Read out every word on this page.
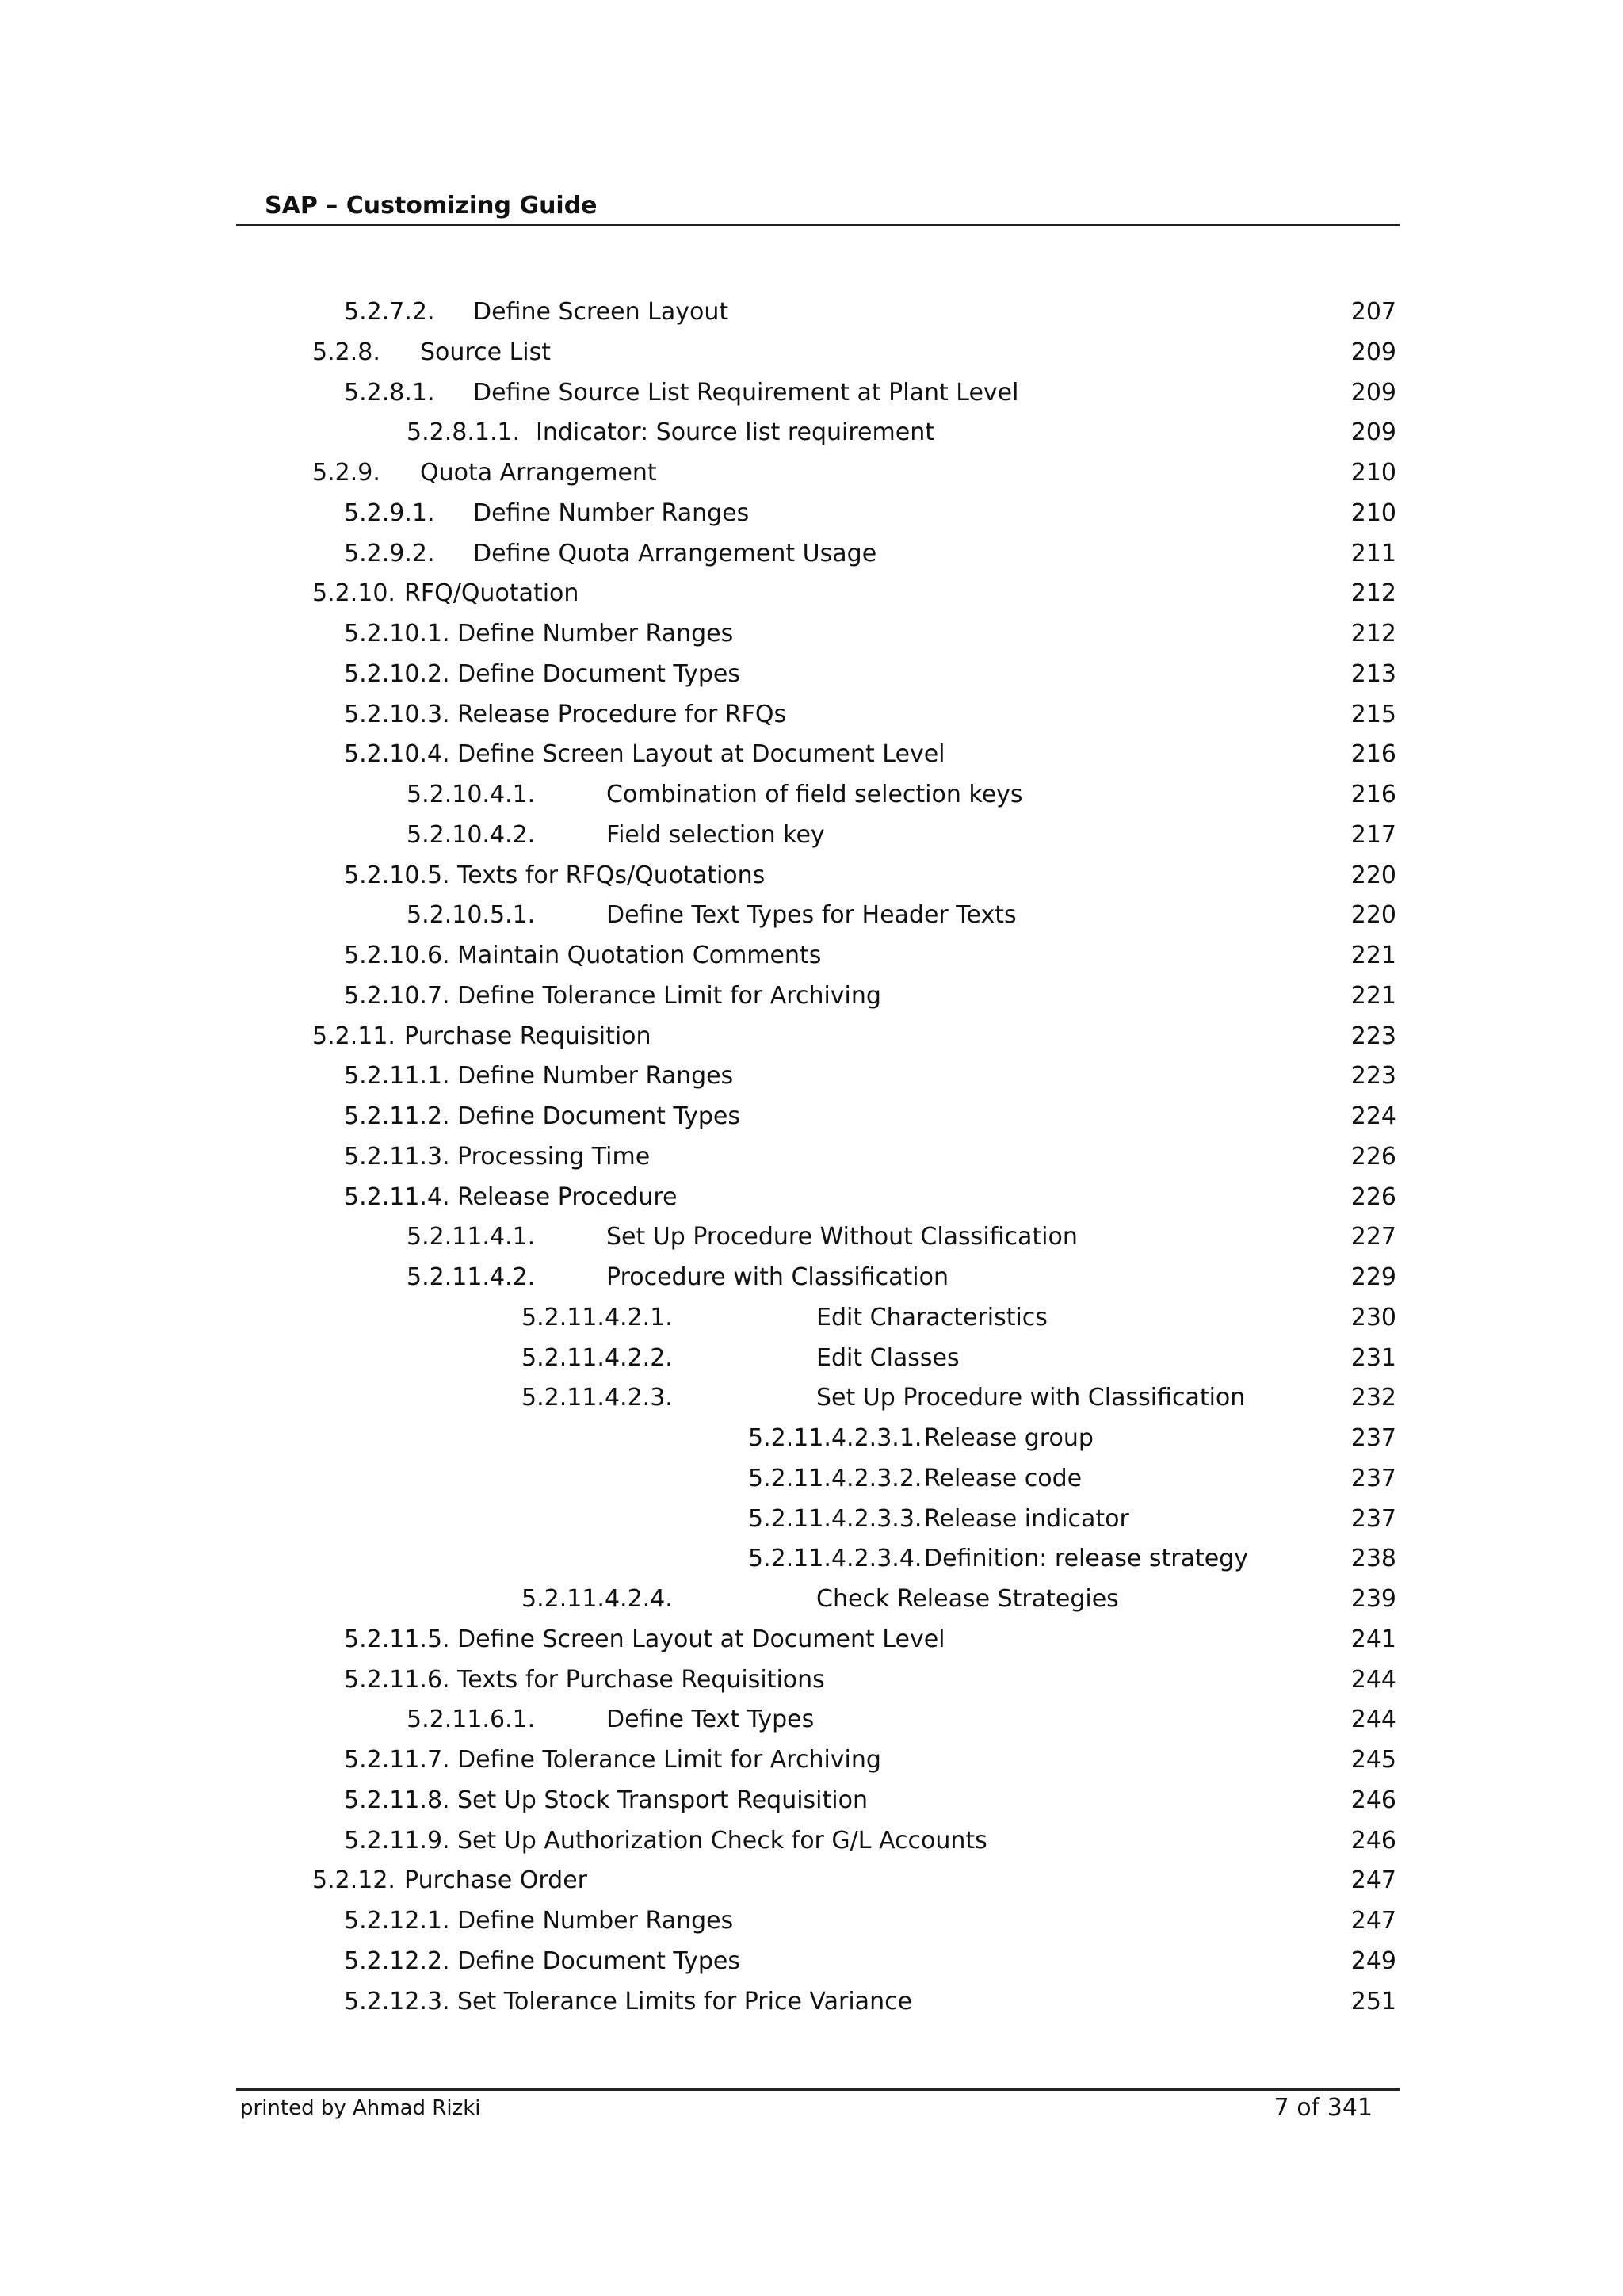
SAP – Customizing Guide
5.2.7.2. Define Screen Layout	207
5.2.8. Source List	209
5.2.8.1. Define Source List Requirement at Plant Level	209
5.2.8.1.1. Indicator: Source list requirement	209
5.2.9. Quota Arrangement	210
5.2.9.1. Define Number Ranges	210
5.2.9.2. Define Quota Arrangement Usage	211
5.2.10. RFQ/Quotation	212
5.2.10.1. Define Number Ranges	212
5.2.10.2. Define Document Types	213
5.2.10.3. Release Procedure for RFQs	215
5.2.10.4. Define Screen Layout at Document Level	216
5.2.10.4.1.	Combination of field selection keys	216
5.2.10.4.2.	Field selection key	217
5.2.10.5. Texts for RFQs/Quotations	220
5.2.10.5.1.	Define Text Types for Header Texts	220
5.2.10.6. Maintain Quotation Comments	221
5.2.10.7. Define Tolerance Limit for Archiving	221
5.2.11. Purchase Requisition	223
5.2.11.1. Define Number Ranges	223
5.2.11.2. Define Document Types	224
5.2.11.3. Processing Time	226
5.2.11.4. Release Procedure	226
5.2.11.4.1.	Set Up Procedure Without Classification	227
5.2.11.4.2.	Procedure with Classification	229
5.2.11.4.2.1.	Edit Characteristics	230
5.2.11.4.2.2.	Edit Classes	231
5.2.11.4.2.3.	Set Up Procedure with Classification	232
5.2.11.4.2.3.1. Release group	237
5.2.11.4.2.3.2. Release code	237
5.2.11.4.2.3.3. Release indicator	237
5.2.11.4.2.3.4. Definition: release strategy	238
5.2.11.4.2.4.	Check Release Strategies	239
5.2.11.5. Define Screen Layout at Document Level	241
5.2.11.6. Texts for Purchase Requisitions	244
5.2.11.6.1.	Define Text Types	244
5.2.11.7. Define Tolerance Limit for Archiving	245
5.2.11.8. Set Up Stock Transport Requisition	246
5.2.11.9. Set Up Authorization Check for G/L Accounts	246
5.2.12. Purchase Order	247
5.2.12.1. Define Number Ranges	247
5.2.12.2. Define Document Types	249
5.2.12.3. Set Tolerance Limits for Price Variance	251
printed by Ahmad Rizki	7 of 341
